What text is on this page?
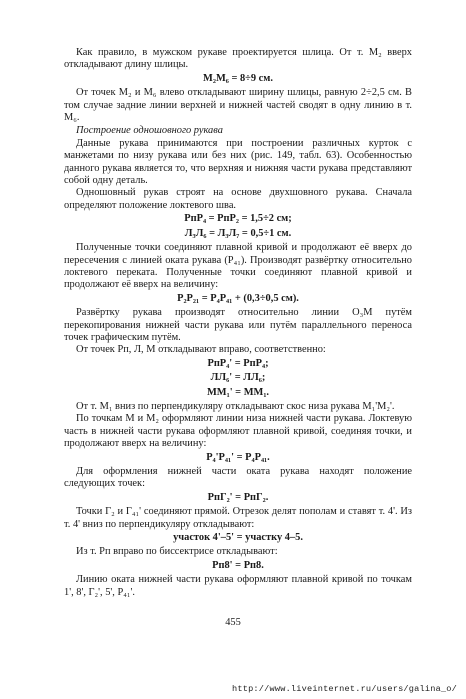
Как правило, в мужском рукаве проектируется шлица. От т. М₂ вверх откладывают длину шлицы.

М₂М₆ = 8÷9 см.

От точек М₂ и М₆ влево откладывают ширину шлицы, равную 2÷2,5 см. В том случае задние линии верхней и нижней частей сводят в одну линию в т. М₆.

Построение одношовного рукава

Данные рукава принимаются при построении различных курток с манжетами по низу рукава или без них (рис. 149, табл. 63). Особенностью данного рукава является то, что верхняя и нижняя части рукава представляют собой одну деталь.

Одношовный рукав строят на основе двухшовного рукава. Сначала определяют положение локтевого шва.

РпР₄ = РпР₂ = 1,5÷2 см;

Л₃Л₆ = Л₃Л₇ = 0,5÷1 см.

Полученные точки соединяют плавной кривой и продолжают её вверх до пересечения с линией оката рукава (Р₄₁). Производят развёртку относительно локтевого переката. Полученные точки соединяют плавной кривой и продолжают её вверх на величину:

Р₂Р₂₁ = Р₄Р₄₁ + (0,3÷0,5 см).

Развёртку рукава производят относительно линии О₃М путём перекопирования нижней части рукава или путём параллельного переноса точек графическим путём.

От точек Рп, Л, М откладывают вправо, соответственно:

РпР₄' = РпР₄;

ЛЛ₆' = ЛЛ₆;

ММ₁' = ММ₁.

От т. М₁ вниз по перпендикуляру откладывают скос низа рукава М₁'М₂'.

По точкам М и М₂ оформляют линии низа нижней части рукава. Локтевую часть в нижней части рукава оформляют плавной кривой, соединяя точки, и продолжают вверх на величину:

Р₄'Р₄₁' = Р₄Р₄₁.

Для оформления нижней части оката рукава находят положение следующих точек:

РпГ₂' = РпГ₂.

Точки Г₂ и Г₄₁' соединяют прямой. Отрезок делят пополам и ставят т. 4'. Из т. 4' вниз по перпендикуляру откладывают:

участок 4'–5' = участку 4–5.

Из т. Рп вправо по биссектрисе откладывают:

Рп8' = Рп8.

Линию оката нижней части рукава оформляют плавной кривой по точкам 1', 8', Г₂', 5', Р₄₁'.

455
http://www.liveinternet.ru/users/galina_o/
